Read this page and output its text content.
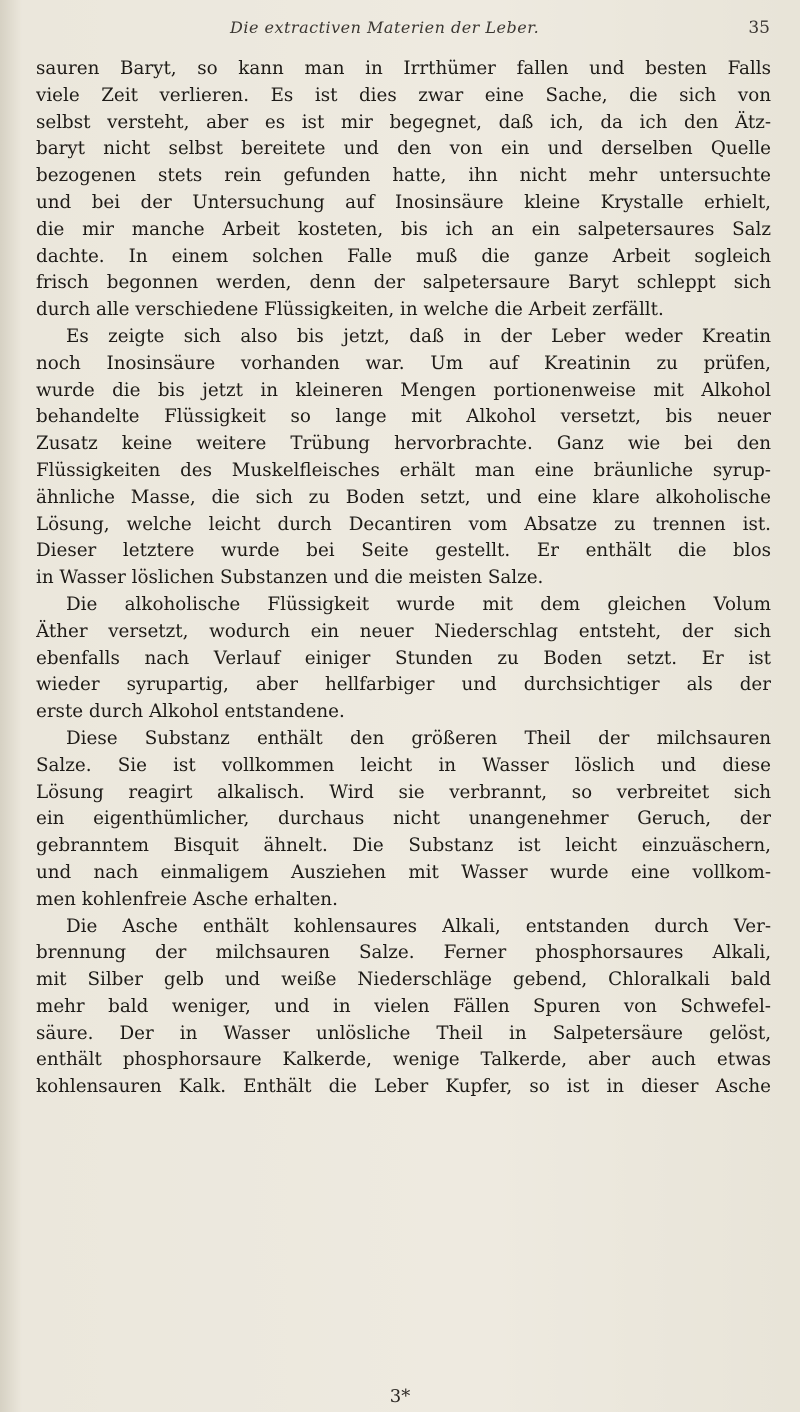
Die extractiven Materien der Leber.	35
sauren Baryt, so kann man in Irrthümer fallen und besten Falls
viele Zeit verlieren. Es ist dies zwar eine Sache, die sich von
selbst versteht, aber es ist mir begegnet, daß ich, da ich den Ätz-
baryt nicht selbst bereitete und den von ein und derselben Quelle
bezogenen stets rein gefunden hatte, ihn nicht mehr untersuchte
und bei der Untersuchung auf Inosinsäure kleine Krystalle erhielt,
die mir manche Arbeit kosteten, bis ich an ein salpetersaures Salz
dachte. In einem solchen Falle muß die ganze Arbeit sogleich
frisch begonnen werden, denn der salpetersaure Baryt schleppt sich
durch alle verschiedene Flüssigkeiten, in welche die Arbeit zerfällt.
Es zeigte sich also bis jetzt, daß in der Leber weder Kreatin
noch Inosinsäure vorhanden war. Um auf Kreatinin zu prüfen,
wurde die bis jetzt in kleineren Mengen portionenweise mit Alkohol
behandelte Flüssigkeit so lange mit Alkohol versetzt, bis neuer
Zusatz keine weitere Trübung hervorbrachte. Ganz wie bei den
Flüssigkeiten des Muskelfleisches erhält man eine bräunliche syrup-
ähnliche Masse, die sich zu Boden setzt, und eine klare alkoholische
Lösung, welche leicht durch Decantiren vom Absatze zu trennen ist.
Dieser letztere wurde bei Seite gestellt. Er enthält die blos
in Wasser löslichen Substanzen und die meisten Salze.
Die alkoholische Flüssigkeit wurde mit dem gleichen Volum
Äther versetzt, wodurch ein neuer Niederschlag entsteht, der sich
ebenfalls nach Verlauf einiger Stunden zu Boden setzt. Er ist
wieder syrupartig, aber hellfarbiger und durchsichtiger als der
erste durch Alkohol entstandene.
Diese Substanz enthält den größeren Theil der milchsauren
Salze. Sie ist vollkommen leicht in Wasser löslich und diese
Lösung reagirt alkalisch. Wird sie verbrannt, so verbreitet sich
ein eigenthümlicher, durchaus nicht unangenehmer Geruch, der
gebranntem Bisquit ähnelt. Die Substanz ist leicht einzuäschern,
und nach einmaligem Ausziehen mit Wasser wurde eine vollkom-
men kohlenfreie Asche erhalten.
Die Asche enthält kohlensaures Alkali, entstanden durch Ver-
brennung der milchsauren Salze. Ferner phosphorsaures Alkali,
mit Silber gelb und weiße Niederschläge gebend, Chloralkali bald
mehr bald weniger, und in vielen Fällen Spuren von Schwefel-
säure. Der in Wasser unlösliche Theil in Salpetersäure gelöst,
enthält phosphorsaure Kalkerde, wenige Talkerde, aber auch etwas
kohlensauren Kalk. Enthält die Leber Kupfer, so ist in dieser Asche
3*
